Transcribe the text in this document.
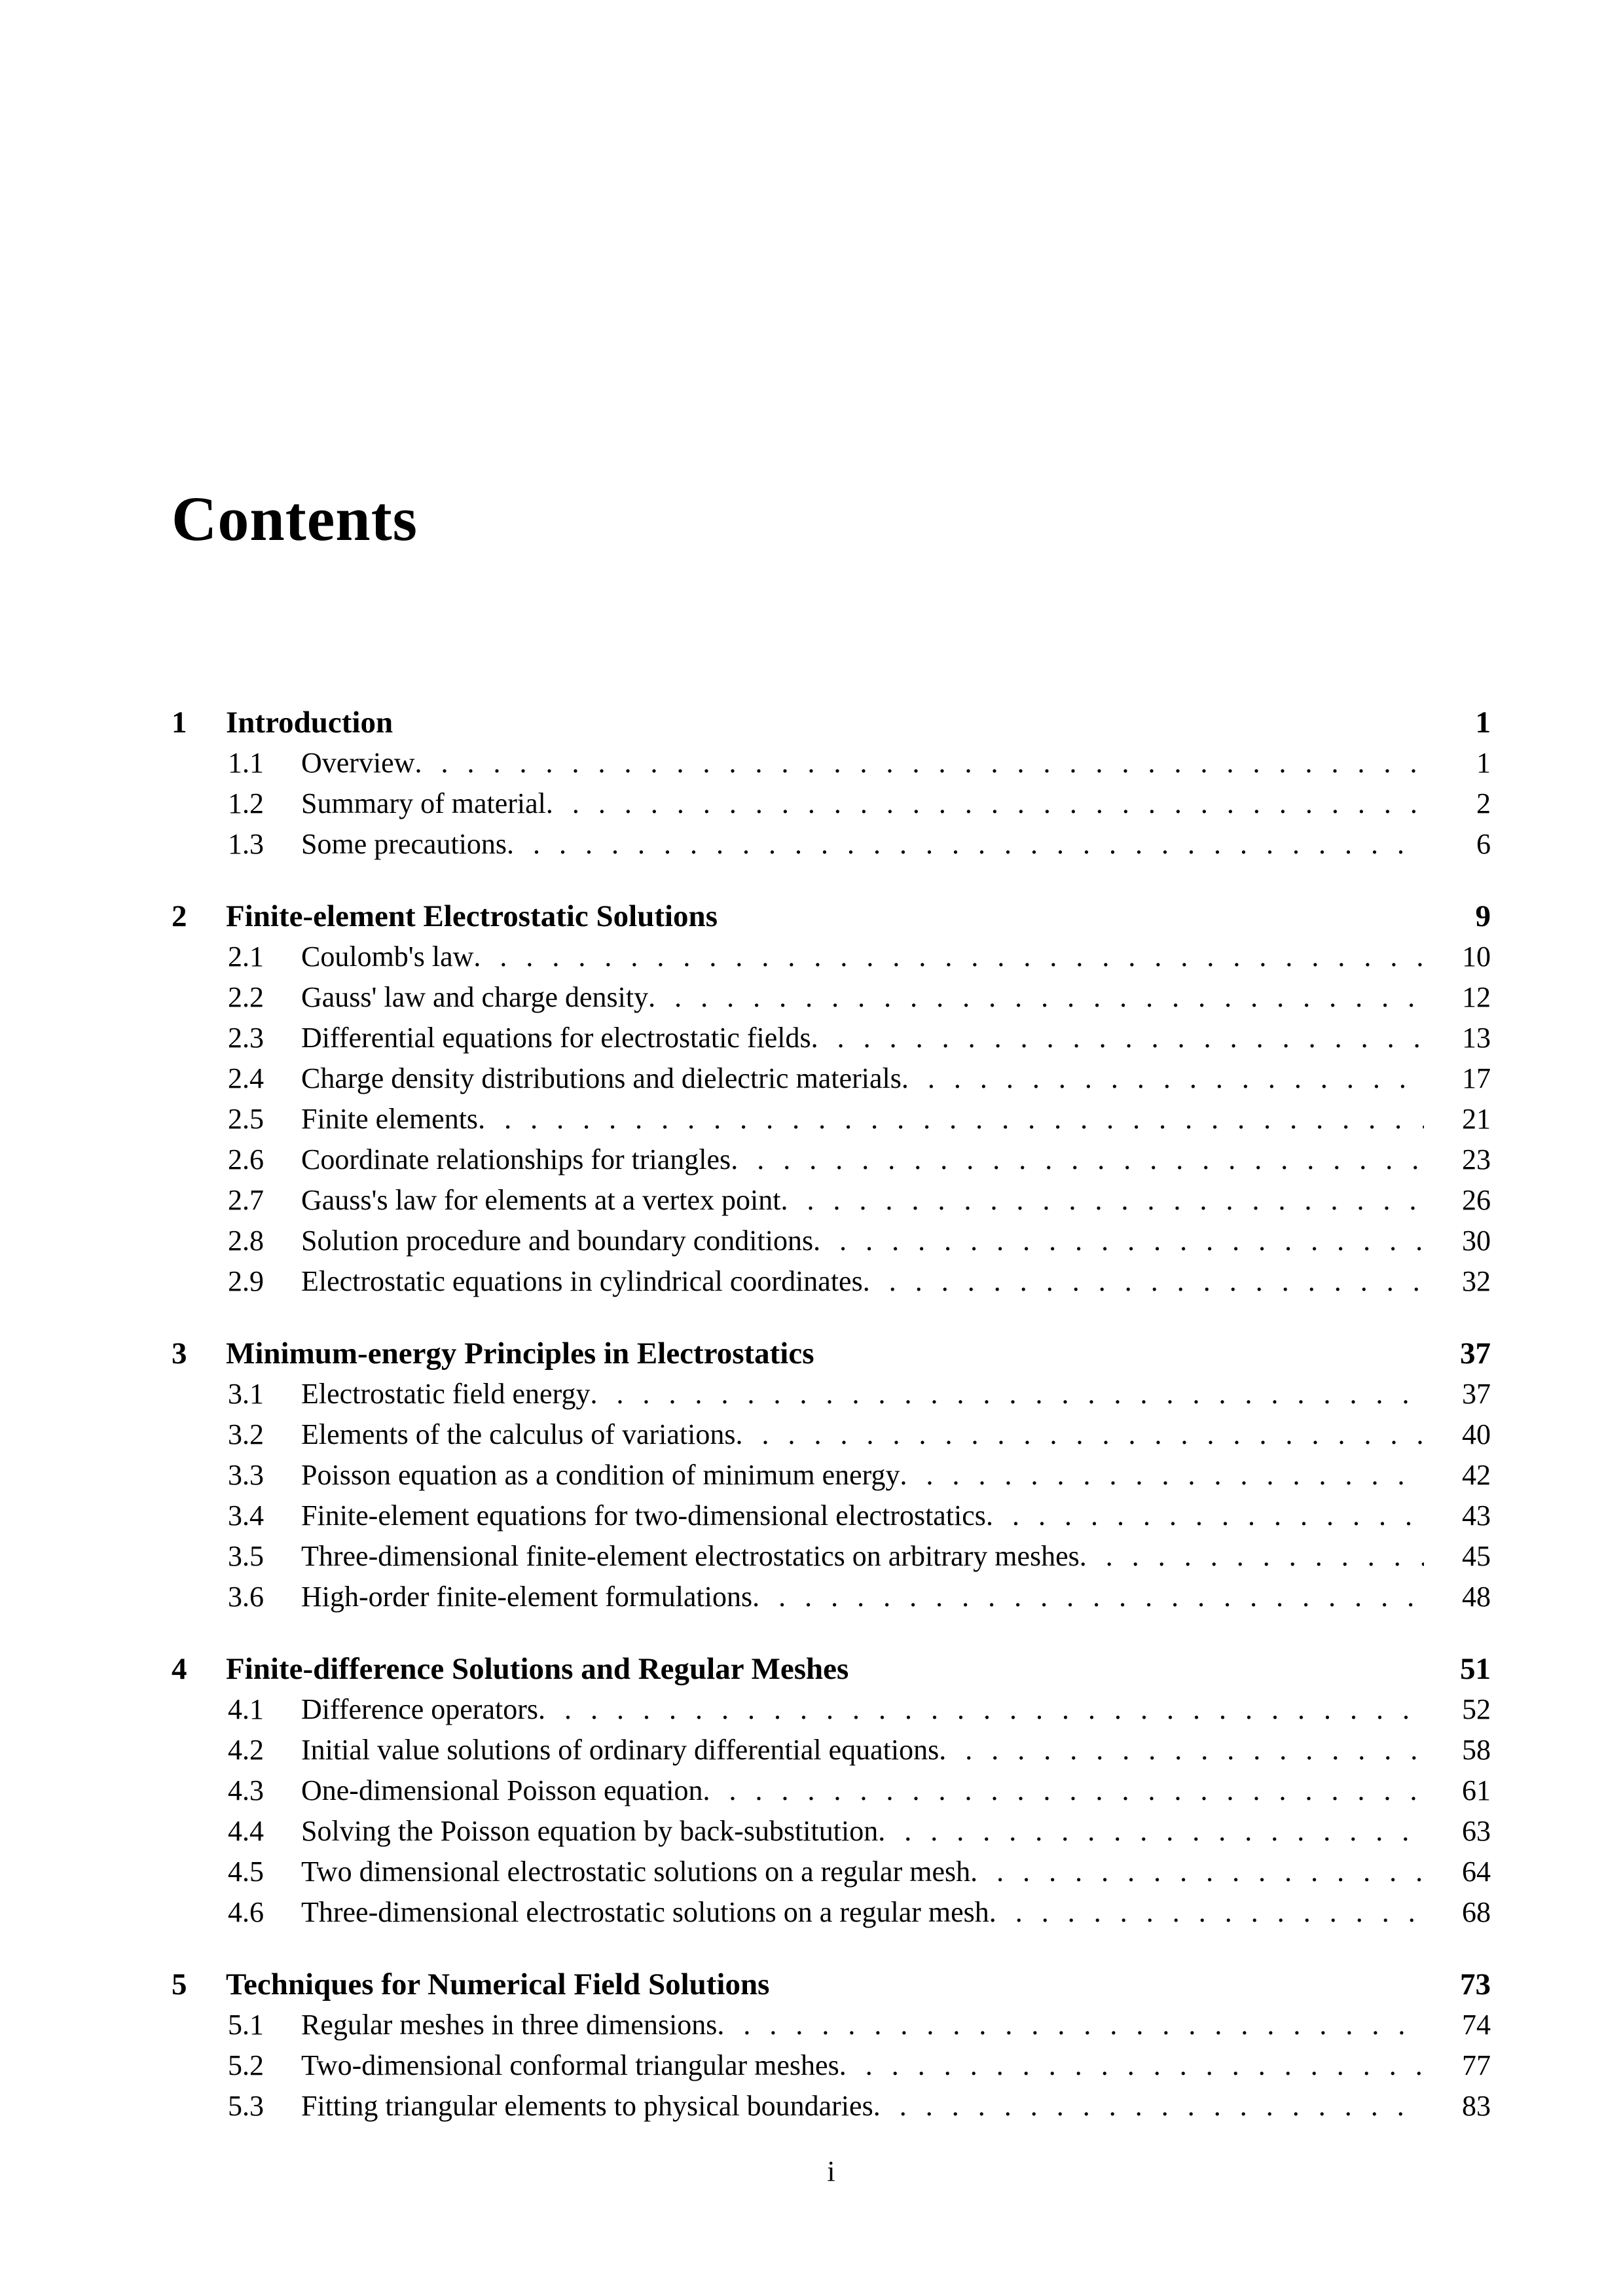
Contents
1	Introduction	1
1.1	Overview . . .	1
1.2	Summary of material . . .	2
1.3	Some precautions . . .	6
2	Finite-element Electrostatic Solutions	9
2.1	Coulomb's law . . .	10
2.2	Gauss' law and charge density . . .	12
2.3	Differential equations for electrostatic fields . . .	13
2.4	Charge density distributions and dielectric materials . . .	17
2.5	Finite elements . . .	21
2.6	Coordinate relationships for triangles . . .	23
2.7	Gauss's law for elements at a vertex point . . .	26
2.8	Solution procedure and boundary conditions . . .	30
2.9	Electrostatic equations in cylindrical coordinates . . .	32
3	Minimum-energy Principles in Electrostatics	37
3.1	Electrostatic field energy . . .	37
3.2	Elements of the calculus of variations . . .	40
3.3	Poisson equation as a condition of minimum energy . . .	42
3.4	Finite-element equations for two-dimensional electrostatics . . .	43
3.5	Three-dimensional finite-element electrostatics on arbitrary meshes . . .	45
3.6	High-order finite-element formulations . . .	48
4	Finite-difference Solutions and Regular Meshes	51
4.1	Difference operators . . .	52
4.2	Initial value solutions of ordinary differential equations . . .	58
4.3	One-dimensional Poisson equation . . .	61
4.4	Solving the Poisson equation by back-substitution . . .	63
4.5	Two dimensional electrostatic solutions on a regular mesh . . .	64
4.6	Three-dimensional electrostatic solutions on a regular mesh . . .	68
5	Techniques for Numerical Field Solutions	73
5.1	Regular meshes in three dimensions . . .	74
5.2	Two-dimensional conformal triangular meshes . . .	77
5.3	Fitting triangular elements to physical boundaries . . .	83
i
